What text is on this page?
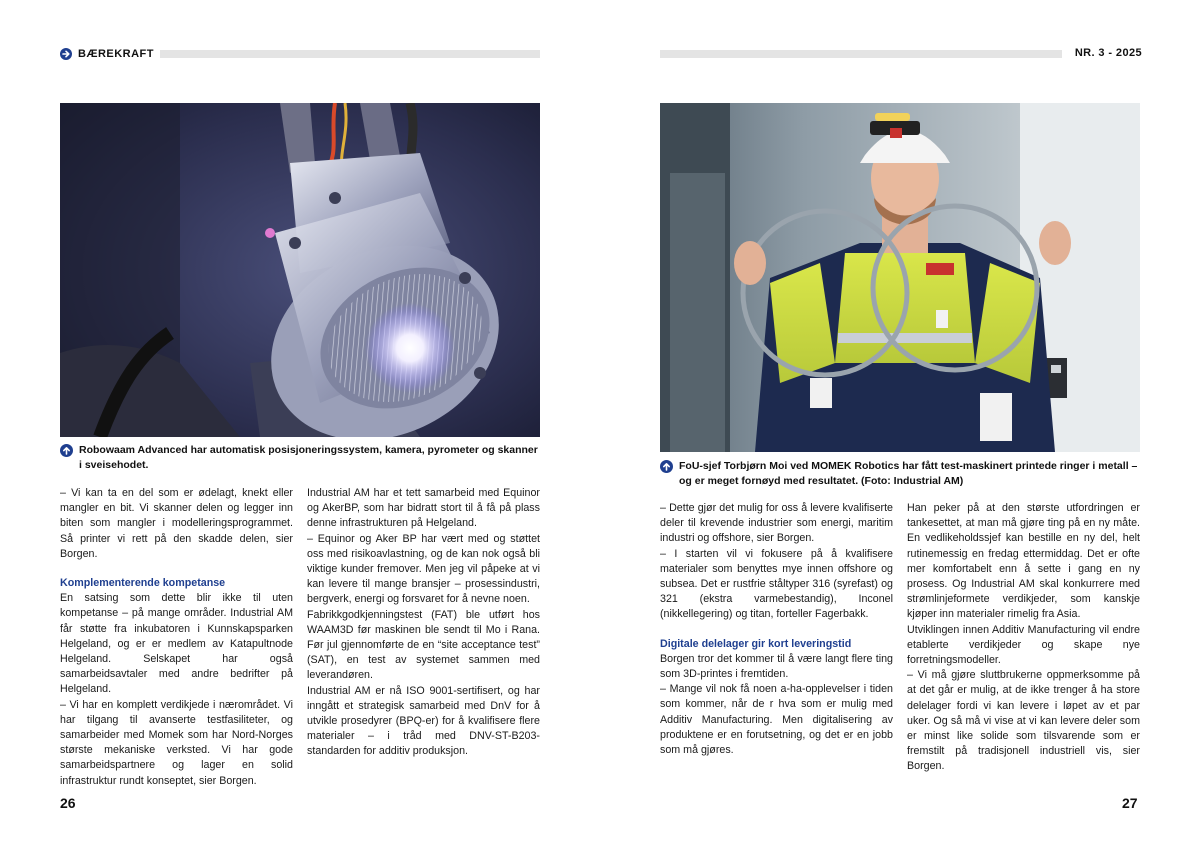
BÆREKRAFT	NR. 3 - 2025
Robowaam Advanced har automatisk posisjoneringssystem, kamera, pyrometer og skanner i sveisehodet.	FoU-sjef Torbjørn Moi ved MOMEK Robotics har fått test-maskinert printede ringer i metall – og er meget fornøyd med resultatet. (Foto: Industrial AM)

– Vi kan ta en del som er ødelagt, knekt eller mangler en bit. Vi skanner delen og legger inn biten som mangler i modelleringsprogrammet. Så printer vi rett på den skadde delen, sier Borgen.

Komplementerende kompetanse

En satsing som dette blir ikke til uten kompetanse – på mange områder. Industrial AM får støtte fra inkubatoren i Kunnskapsparken Helgeland, og er er medlem av Katapultnode Helgeland. Selskapet har også samarbeidsavtaler med andre bedrifter på Helgeland.

– Vi har en komplett verdikjede i nærområdet. Vi har tilgang til avanserte testfasiliteter, og samarbeider med Momek som har Nord-Norges største mekaniske verksted. Vi har gode samarbeidspartnere og lager en solid infrastruktur rundt konseptet, sier Borgen.

Industrial AM har et tett samarbeid med Equinor og AkerBP, som har bidratt stort til å få på plass denne infrastrukturen på Helgeland.

– Equinor og Aker BP har vært med og støttet oss med risikoavlastning, og de kan nok også bli viktige kunder fremover. Men jeg vil påpeke at vi kan levere til mange bransjer – prosessindustri, bergverk, energi og forsvaret for å nevne noen.

Fabrikkgodkjenningstest (FAT) ble utført hos WAAM3D før maskinen ble sendt til Mo i Rana. Før jul gjennomførte de en “site acceptance test” (SAT), en test av systemet sammen med leverandøren.

Industrial AM er nå ISO 9001-sertifisert, og har inngått et strategisk samarbeid med DnV for å utvikle prosedyrer (BPQ-er) for å kvalifisere flere materialer – i tråd med DNV-ST-B203-standarden for additiv produksjon.

– Dette gjør det mulig for oss å levere kvalifiserte deler til krevende industrier som energi, maritim industri og offshore, sier Borgen.

– I starten vil vi fokusere på å kvalifisere materialer som benyttes mye innen offshore og subsea. Det er rustfrie ståltyper 316 (syrefast) og 321 (ekstra varmebestandig), Inconel (nikkellegering) og titan, forteller Fagerbakk.

Digitale delelager gir kort leveringstid

Borgen tror det kommer til å være langt flere ting som 3D-printes i fremtiden.

– Mange vil nok få noen a-ha-opplevelser i tiden som kommer, når de r hva som er mulig med Additiv Manufacturing. Men digitalisering av produktene er en forutsetning, og det er en jobb som må gjøres.

Han peker på at den største utfordringen er tankesettet, at man må gjøre ting på en ny måte. En vedlikeholdssjef kan bestille en ny del, helt rutinemessig en fredag ettermiddag. Det er ofte mer komfortabelt enn å sette i gang en ny prosess. Og Industrial AM skal konkurrere med strømlinjeformete verdikjeder, som kanskje kjøper inn materialer rimelig fra Asia.

Utviklingen innen Additiv Manufacturing vil endre etablerte verdikjeder og skape nye forretningsmodeller.

– Vi må gjøre sluttbrukerne oppmerksomme på at det går er mulig, at de ikke trenger å ha store delelager fordi vi kan levere i løpet av et par uker. Og så må vi vise at vi kan levere deler som er minst like solide som tilsvarende som er fremstilt på tradisjonell industriell vis, sier Borgen.

26	27
